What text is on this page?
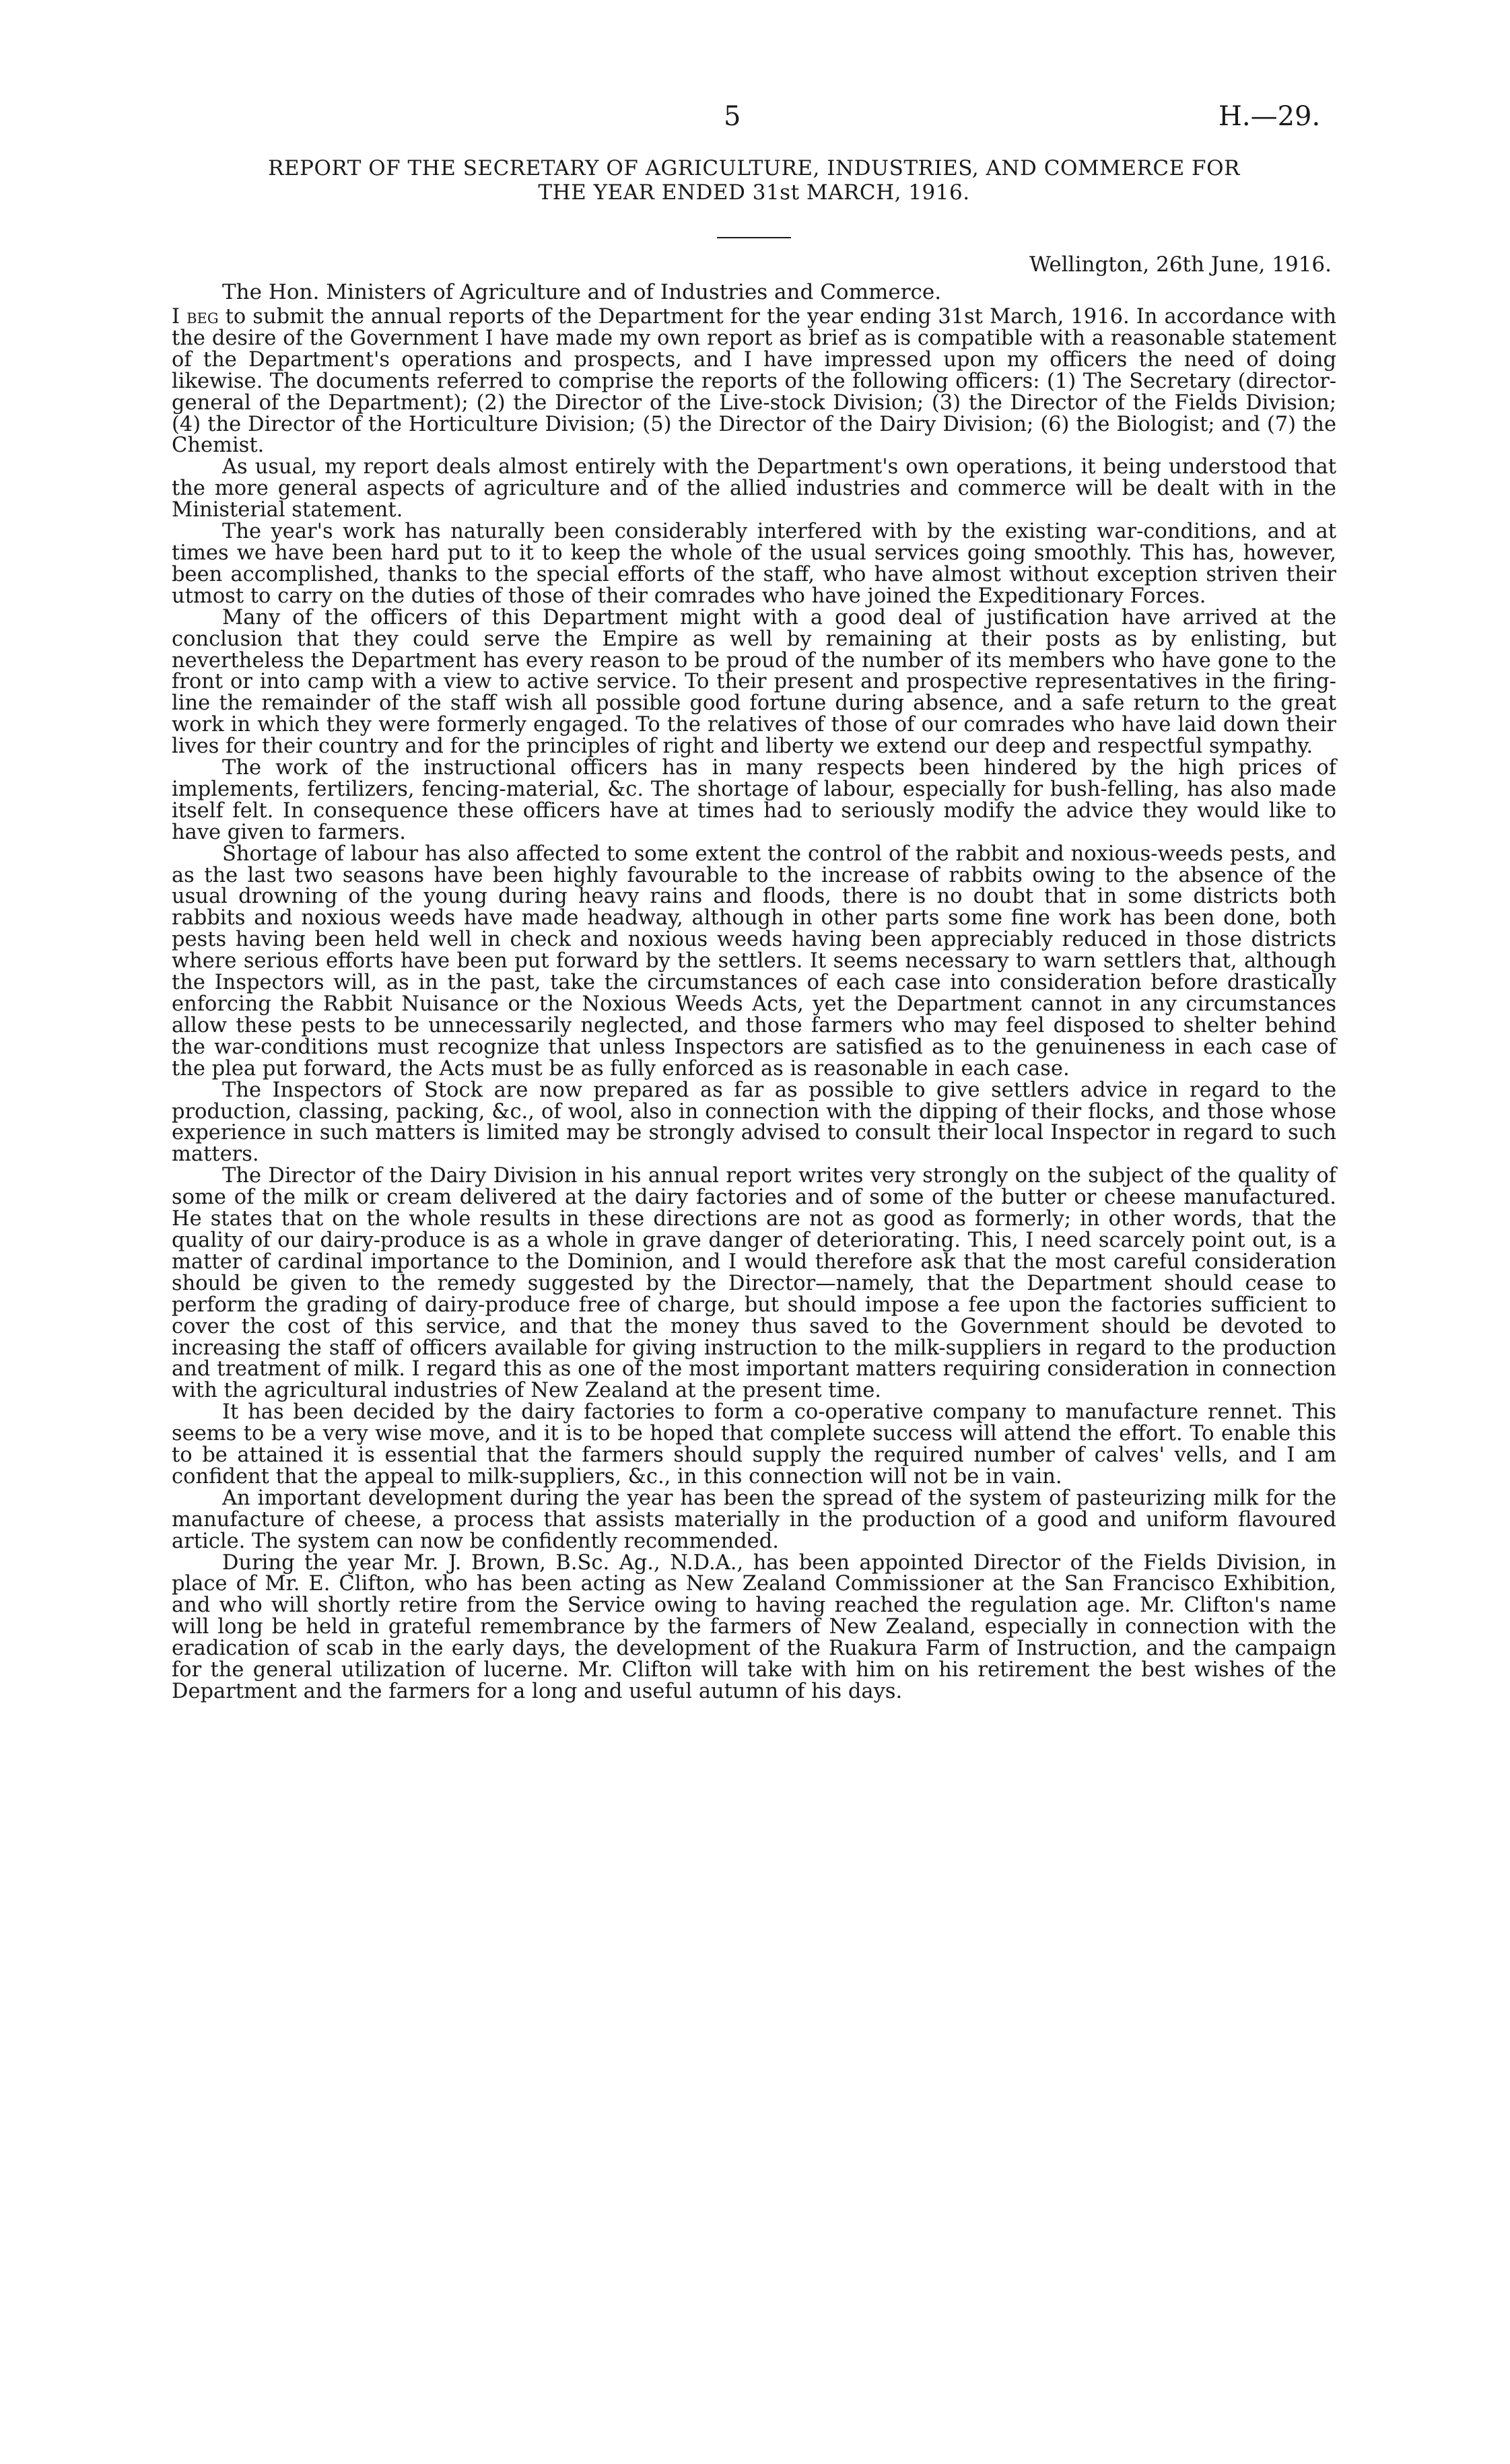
5	H.—29.
REPORT OF THE SECRETARY OF AGRICULTURE, INDUSTRIES, AND COMMERCE FOR
THE YEAR ENDED 31st MARCH, 1916.
Wellington, 26th June, 1916.
The Hon. Ministers of Agriculture and of Industries and Commerce.

I beg to submit the annual reports of the Department for the year ending 31st March, 1916. In accordance with the desire of the Government I have made my own report as brief as is compatible with a reasonable statement of the Department's operations and prospects, and I have impressed upon my officers the need of doing likewise. The documents referred to comprise the reports of the following officers: (1) The Secretary (director-general of the Department); (2) the Director of the Live-stock Division; (3) the Director of the Fields Division; (4) the Director of the Horticulture Division; (5) the Director of the Dairy Division; (6) the Biologist; and (7) the Chemist.

As usual, my report deals almost entirely with the Department's own operations, it being understood that the more general aspects of agriculture and of the allied industries and commerce will be dealt with in the Ministerial statement.

The year's work has naturally been considerably interfered with by the existing war-conditions, and at times we have been hard put to it to keep the whole of the usual services going smoothly. This has, however, been accomplished, thanks to the special efforts of the staff, who have almost without exception striven their utmost to carry on the duties of those of their comrades who have joined the Expeditionary Forces.

Many of the officers of this Department might with a good deal of justification have arrived at the conclusion that they could serve the Empire as well by remaining at their posts as by enlisting, but nevertheless the Department has every reason to be proud of the number of its members who have gone to the front or into camp with a view to active service. To their present and prospective representatives in the firing-line the remainder of the staff wish all possible good fortune during absence, and a safe return to the great work in which they were formerly engaged. To the relatives of those of our comrades who have laid down their lives for their country and for the principles of right and liberty we extend our deep and respectful sympathy.

The work of the instructional officers has in many respects been hindered by the high prices of implements, fertilizers, fencing-material, &c. The shortage of labour, especially for bush-felling, has also made itself felt. In consequence these officers have at times had to seriously modify the advice they would like to have given to farmers.

Shortage of labour has also affected to some extent the control of the rabbit and noxious-weeds pests, and as the last two seasons have been highly favourable to the increase of rabbits owing to the absence of the usual drowning of the young during heavy rains and floods, there is no doubt that in some districts both rabbits and noxious weeds have made headway, although in other parts some fine work has been done, both pests having been held well in check and noxious weeds having been appreciably reduced in those districts where serious efforts have been put forward by the settlers. It seems necessary to warn settlers that, although the Inspectors will, as in the past, take the circumstances of each case into consideration before drastically enforcing the Rabbit Nuisance or the Noxious Weeds Acts, yet the Department cannot in any circumstances allow these pests to be unnecessarily neglected, and those farmers who may feel disposed to shelter behind the war-conditions must recognize that unless Inspectors are satisfied as to the genuineness in each case of the plea put forward, the Acts must be as fully enforced as is reasonable in each case.

The Inspectors of Stock are now prepared as far as possible to give settlers advice in regard to the production, classing, packing, &c., of wool, also in connection with the dipping of their flocks, and those whose experience in such matters is limited may be strongly advised to consult their local Inspector in regard to such matters.

The Director of the Dairy Division in his annual report writes very strongly on the subject of the quality of some of the milk or cream delivered at the dairy factories and of some of the butter or cheese manufactured. He states that on the whole results in these directions are not as good as formerly; in other words, that the quality of our dairy-produce is as a whole in grave danger of deteriorating. This, I need scarcely point out, is a matter of cardinal importance to the Dominion, and I would therefore ask that the most careful consideration should be given to the remedy suggested by the Director—namely, that the Department should cease to perform the grading of dairy-produce free of charge, but should impose a fee upon the factories sufficient to cover the cost of this service, and that the money thus saved to the Government should be devoted to increasing the staff of officers available for giving instruction to the milk-suppliers in regard to the production and treatment of milk. I regard this as one of the most important matters requiring consideration in connection with the agricultural industries of New Zealand at the present time.

It has been decided by the dairy factories to form a co-operative company to manufacture rennet. This seems to be a very wise move, and it is to be hoped that complete success will attend the effort. To enable this to be attained it is essential that the farmers should supply the required number of calves' vells, and I am confident that the appeal to milk-suppliers, &c., in this connection will not be in vain.

An important development during the year has been the spread of the system of pasteurizing milk for the manufacture of cheese, a process that assists materially in the production of a good and uniform flavoured article. The system can now be confidently recommended.

During the year Mr. J. Brown, B.Sc. Ag., N.D.A., has been appointed Director of the Fields Division, in place of Mr. E. Clifton, who has been acting as New Zealand Commissioner at the San Francisco Exhibition, and who will shortly retire from the Service owing to having reached the regulation age. Mr. Clifton's name will long be held in grateful remembrance by the farmers of New Zealand, especially in connection with the eradication of scab in the early days, the development of the Ruakura Farm of Instruction, and the campaign for the general utilization of lucerne. Mr. Clifton will take with him on his retirement the best wishes of the Department and the farmers for a long and useful autumn of his days.
